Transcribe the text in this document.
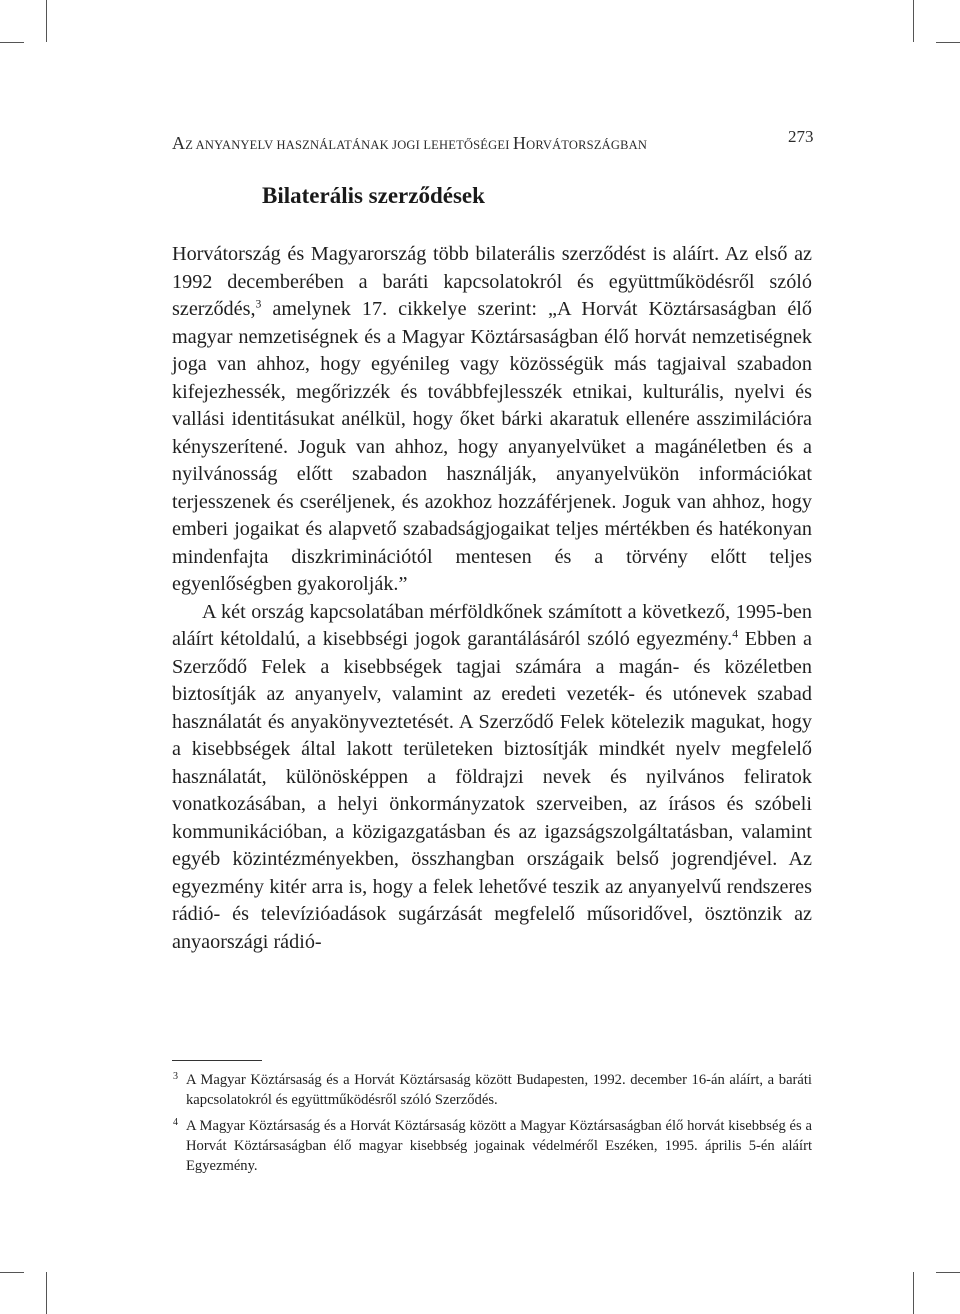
AZ ANYANYELV HASZNÁLATÁNAK JOGI LEHETŐSÉGEI HORVÁTORSZÁGBAN	273
Bilaterális szerződések

Horvátország és Magyarország több bilaterális szerződést is aláírt. Az első az 1992 decemberében a baráti kapcsolatokról és együttműködésről szóló szerződés,$^3$ amelynek 17. cikkelye szerint: „A Horvát Köztársaságban élő magyar nemzetiségnek és a Magyar Köztársaságban élő horvát nemzetiségnek joga van ahhoz, hogy egyénileg vagy közösségük más tagjaival szabadon kifejezhessék, megőrizzék és továbbfejlesszék etnikai, kulturális, nyelvi és vallási identitásukat anélkül, hogy őket bárki akaratuk ellenére asszimilációra kényszerítené. Joguk van ahhoz, hogy anyanyelvüket a magánéletben és a nyilvánosság előtt szabadon használják, anyanyelvükön információkat terjesszenek és cseréljenek, és azokhoz hozzáférjenek. Joguk van ahhoz, hogy emberi jogaikat és alapvető szabadságjogaikat teljes mértékben és hatékonyan mindenfajta diszkriminációtól mentesen és a törvény előtt teljes egyenlőségben gyakorolják.”

A két ország kapcsolatában mérföldkőnek számított a következő, 1995-ben aláírt kétoldalú, a kisebbségi jogok garantálásáról szóló egyezmény.$^4$ Ebben a Szerződő Felek a kisebbségek tagjai számára a magán- és közéletben biztosítják az anyanyelv, valamint az eredeti vezeték- és utónevek szabad használatát és anyakönyveztetését. A Szerződő Felek kötelezik magukat, hogy a kisebbségek által lakott területeken biztosítják mindkét nyelv megfelelő használatát, különösképpen a földrajzi nevek és nyilvános feliratok vonatkozásában, a helyi önkormányzatok szerveiben, az írásos és szóbeli kommunikációban, a közigazgatásban és az igazságszolgáltatásban, valamint egyéb közintézményekben, összhangban országaik belső jogrendjével. Az egyezmény kitér arra is, hogy a felek lehetővé teszik az anyanyelvű rendszeres rádió- és televízióadások sugárzását megfelelő műsoridővel, ösztönzik az anyaországi rádió-

3 A Magyar Köztársaság és a Horvát Köztársaság között Budapesten, 1992. december 16-án aláírt, a baráti kapcsolatokról és együttműködésről szóló Szerződés.
4 A Magyar Köztársaság és a Horvát Köztársaság között a Magyar Köztársaságban élő horvát kisebbség és a Horvát Köztársaságban élő magyar kisebbség jogainak védelméről Eszéken, 1995. április 5-én aláírt Egyezmény.
